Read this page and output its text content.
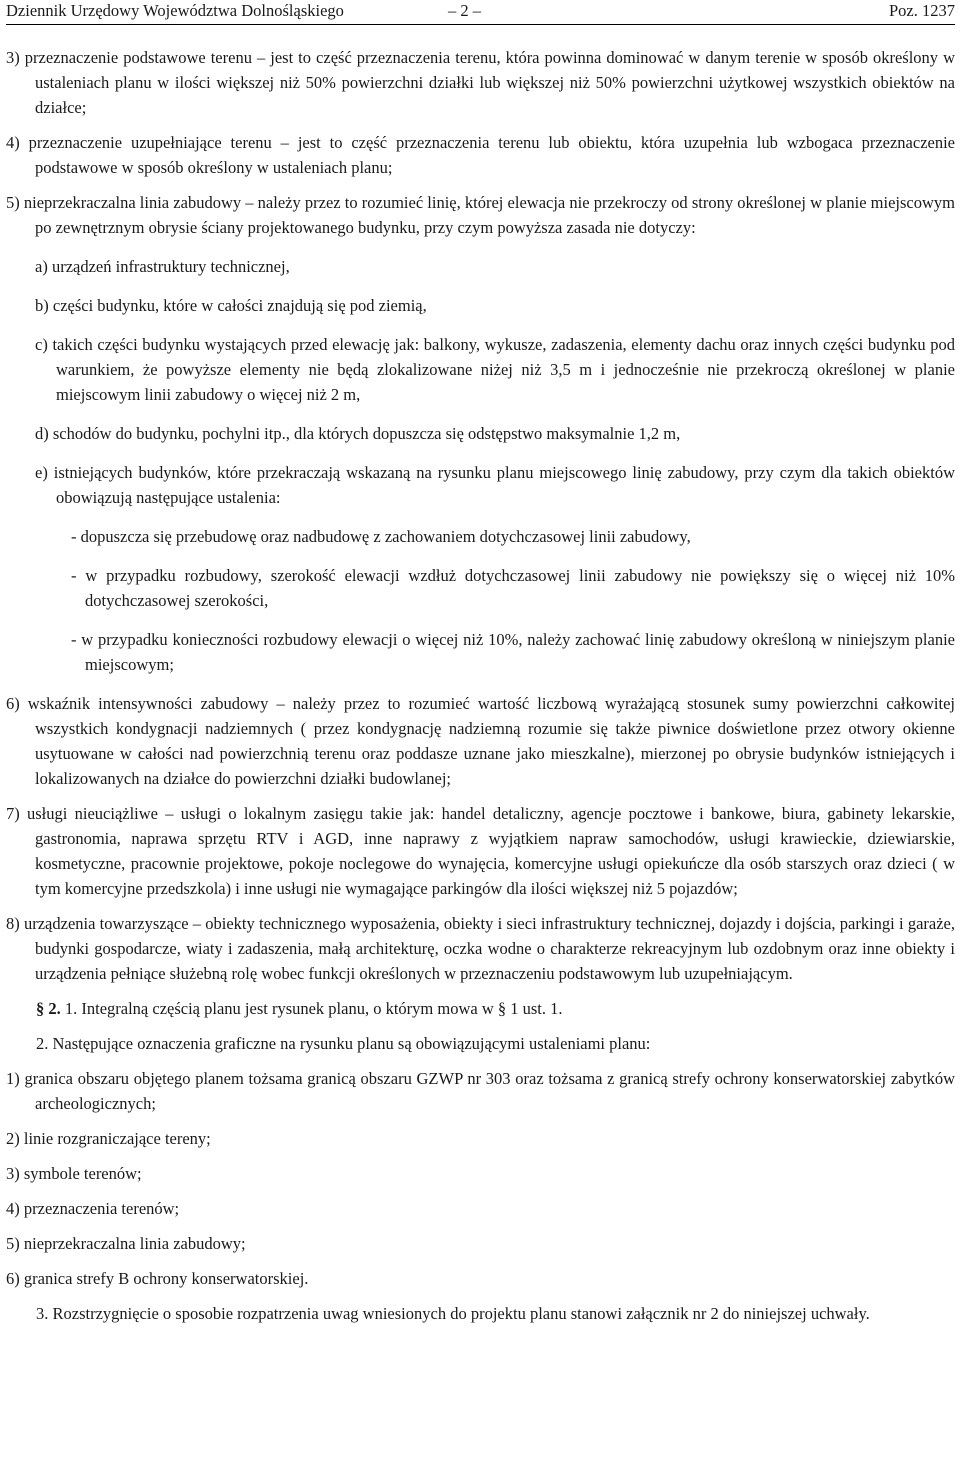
Dziennik Urzędowy Województwa Dolnośląskiego	– 2 –	Poz. 1237

3) przeznaczenie podstawowe terenu – jest to część przeznaczenia terenu, która powinna dominować w danym terenie w sposób określony w ustaleniach planu w ilości większej niż 50% powierzchni działki lub większej niż 50% powierzchni użytkowej wszystkich obiektów na działce;

4) przeznaczenie uzupełniające terenu – jest to część przeznaczenia terenu lub obiektu, która uzupełnia lub wzbogaca przeznaczenie podstawowe w sposób określony w ustaleniach planu;

5) nieprzekraczalna linia zabudowy – należy przez to rozumieć linię, której elewacja nie przekroczy od strony określonej w planie miejscowym po zewnętrznym obrysie ściany projektowanego budynku, przy czym powyższa zasada nie dotyczy:

a) urządzeń infrastruktury technicznej,

b) części budynku, które w całości znajdują się pod ziemią,

c) takich części budynku wystających przed elewację jak: balkony, wykusze, zadaszenia, elementy dachu oraz innych części budynku pod warunkiem, że powyższe elementy nie będą zlokalizowane niżej niż 3,5 m i jednocześnie nie przekroczą określonej w planie miejscowym linii zabudowy o więcej niż 2 m,

d) schodów do budynku, pochylni itp., dla których dopuszcza się odstępstwo maksymalnie 1,2 m,

e) istniejących budynków, które przekraczają wskazaną na rysunku planu miejscowego linię zabudowy, przy czym dla takich obiektów obowiązują następujące ustalenia:

- dopuszcza się przebudowę oraz nadbudowę z zachowaniem dotychczasowej linii zabudowy,

- w przypadku rozbudowy, szerokość elewacji wzdłuż dotychczasowej linii zabudowy nie powiększy się o więcej niż 10% dotychczasowej szerokości,

- w przypadku konieczności rozbudowy elewacji o więcej niż 10%, należy zachować linię zabudowy określoną w niniejszym planie miejscowym;

6) wskaźnik intensywności zabudowy – należy przez to rozumieć wartość liczbową wyrażającą stosunek sumy powierzchni całkowitej wszystkich kondygnacji nadziemnych ( przez kondygnację nadziemną rozumie się także piwnice doświetlone przez otwory okienne usytuowane w całości nad powierzchnią terenu oraz poddasze uznane jako mieszkalne), mierzonej po obrysie budynków istniejących i lokalizowanych na działce do powierzchni działki budowlanej;

7) usługi nieuciążliwe – usługi o lokalnym zasięgu takie jak: handel detaliczny, agencje pocztowe i bankowe, biura, gabinety lekarskie, gastronomia, naprawa sprzętu RTV i AGD, inne naprawy z wyjątkiem napraw samochodów, usługi krawieckie, dziewiarskie, kosmetyczne, pracownie projektowe, pokoje noclegowe do wynajęcia, komercyjne usługi opiekuńcze dla osób starszych oraz dzieci ( w tym komercyjne przedszkola) i inne usługi nie wymagające parkingów dla ilości większej niż 5 pojazdów;

8) urządzenia towarzyszące – obiekty technicznego wyposażenia, obiekty i sieci infrastruktury technicznej, dojazdy i dojścia, parkingi i garaże, budynki gospodarcze, wiaty i zadaszenia, małą architekturę, oczka wodne o charakterze rekreacyjnym lub ozdobnym oraz inne obiekty i urządzenia pełniące służebną rolę wobec funkcji określonych w przeznaczeniu podstawowym lub uzupełniającym.

§ 2. 1. Integralną częścią planu jest rysunek planu, o którym mowa w § 1 ust. 1.

2. Następujące oznaczenia graficzne na rysunku planu są obowiązującymi ustaleniami planu:

1) granica obszaru objętego planem tożsama granicą obszaru GZWP nr 303 oraz tożsama z granicą strefy ochrony konserwatorskiej zabytków archeologicznych;

2) linie rozgraniczające tereny;

3) symbole terenów;

4) przeznaczenia terenów;

5) nieprzekraczalna linia zabudowy;

6) granica strefy B ochrony konserwatorskiej.

3. Rozstrzygnięcie o sposobie rozpatrzenia uwag wniesionych do projektu planu stanowi załącznik nr 2 do niniejszej uchwały.
